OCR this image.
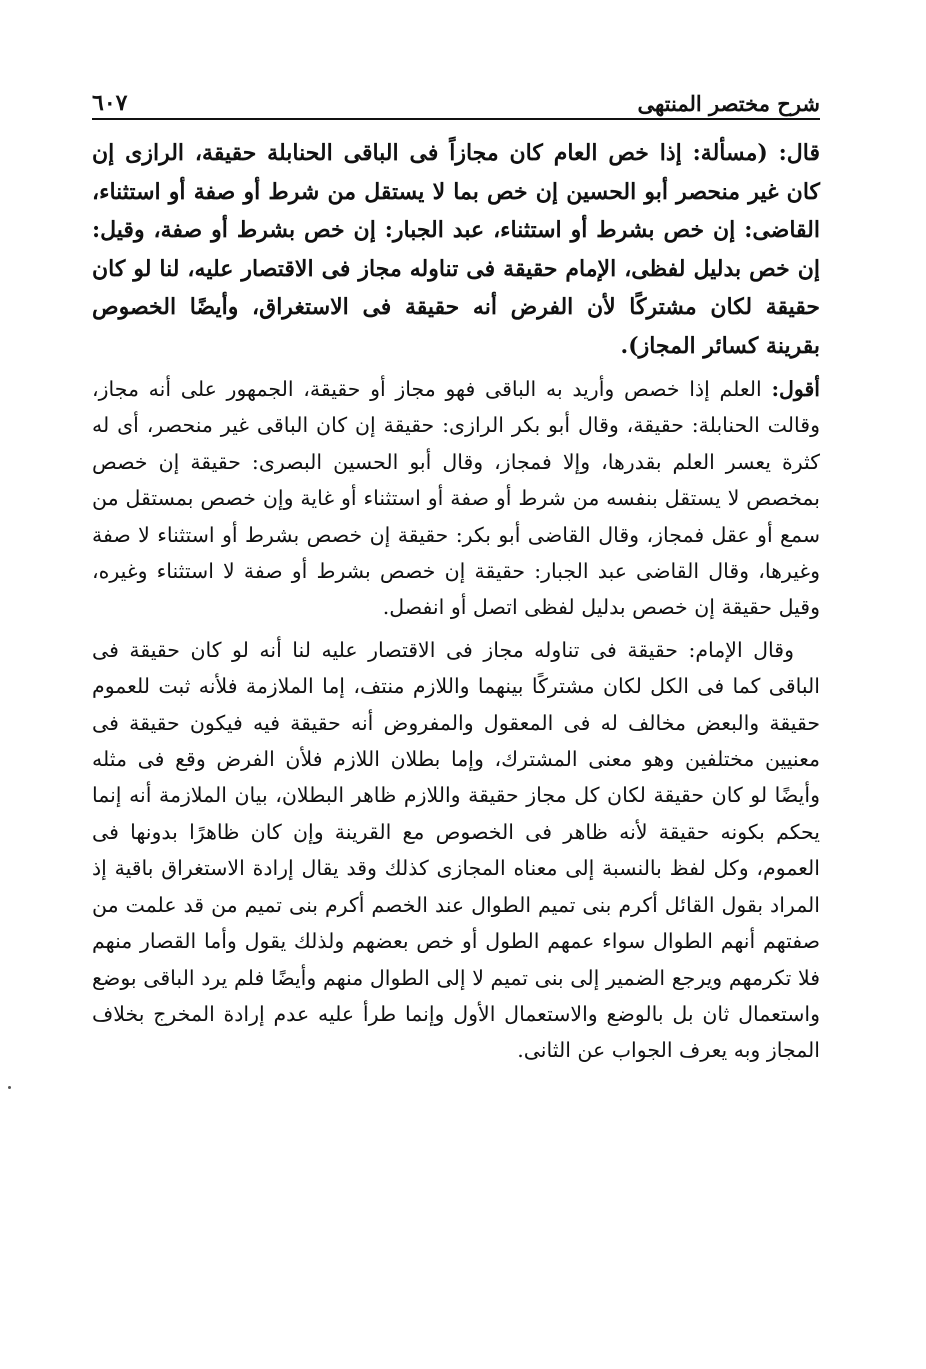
شرح مختصر المنتهى
٦٠٧

قال: (مسألة: إذا خص العام كان مجازاً فى الباقى الحنابلة حقيقة، الرازى إن كان غير منحصر أبو الحسين إن خص بما لا يستقل من شرط أو صفة أو استثناء، القاضى: إن خص بشرط أو استثناء، عبد الجبار: إن خص بشرط أو صفة، وقيل: إن خص بدليل لفظى، الإمام حقيقة فى تناوله مجاز فى الاقتصار عليه، لنا لو كان حقيقة لكان مشتركًا لأن الفرض أنه حقيقة فى الاستغراق، وأيضًا الخصوص بقرينة كسائر المجاز).

أقول: العلم إذا خصص وأريد به الباقى فهو مجاز أو حقيقة، الجمهور على أنه مجاز، وقالت الحنابلة: حقيقة، وقال أبو بكر الرازى: حقيقة إن كان الباقى غير منحصر، أى له كثرة يعسر العلم بقدرها، وإلا فمجاز، وقال أبو الحسين البصرى: حقيقة إن خصص بمخصص لا يستقل بنفسه من شرط أو صفة أو استثناء أو غاية وإن خصص بمستقل من سمع أو عقل فمجاز، وقال القاضى أبو بكر: حقيقة إن خصص بشرط أو استثناء لا صفة وغيرها، وقال القاضى عبد الجبار: حقيقة إن خصص بشرط أو صفة لا استثناء وغيره، وقيل حقيقة إن خصص بدليل لفظى اتصل أو انفصل.

وقال الإمام: حقيقة فى تناوله مجاز فى الاقتصار عليه لنا أنه لو كان حقيقة فى الباقى كما فى الكل لكان مشتركًا بينهما واللازم منتف، إما الملازمة فلأنه ثبت للعموم حقيقة والبعض مخالف له فى المعقول والمفروض أنه حقيقة فيه فيكون حقيقة فى معنيين مختلفين وهو معنى المشترك، وإما بطلان اللازم فلأن الفرض وقع فى مثله وأيضًا لو كان حقيقة لكان كل مجاز حقيقة واللازم ظاهر البطلان، بيان الملازمة أنه إنما يحكم بكونه حقيقة لأنه ظاهر فى الخصوص مع القرينة وإن كان ظاهرًا بدونها فى العموم، وكل لفظ بالنسبة إلى معناه المجازى كذلك وقد يقال إرادة الاستغراق باقية إذ المراد بقول القائل أكرم بنى تميم الطوال عند الخصم أكرم بنى تميم من قد علمت من صفتهم أنهم الطوال سواء عمهم الطول أو خص بعضهم ولذلك يقول وأما القصار منهم فلا تكرمهم ويرجع الضمير إلى بنى تميم لا إلى الطوال منهم وأيضًا فلم يرد الباقى بوضع واستعمال ثان بل بالوضع والاستعمال الأول وإنما طرأ عليه عدم إرادة المخرج بخلاف المجاز وبه يعرف الجواب عن الثانى.
